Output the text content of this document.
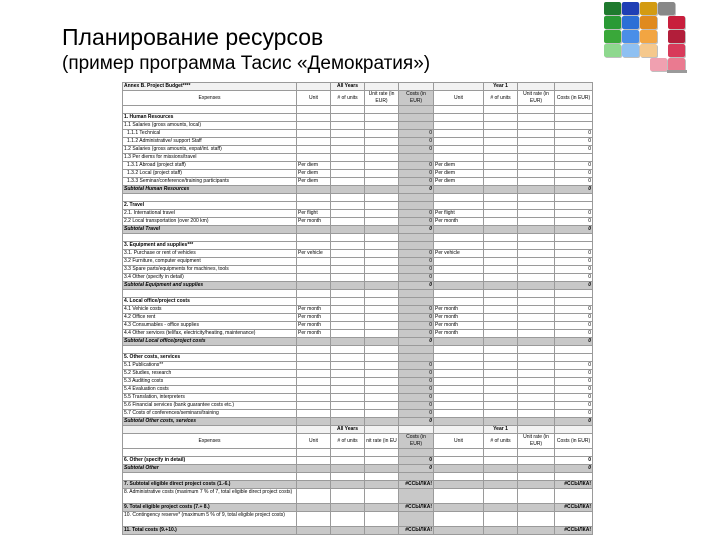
Планирование ресурсов
(пример программа Тасис «Демократия»)
Annex B. Project Budget****		All Years				Year 1		
Expenses	Unit	# of units	Unit rate (in EUR)	Costs (in EUR)	Unit	# of units	Unit rate (in EUR)	Costs (in EUR)

1. Human Resources								
1.1 Salaries (gross amounts, local)								
1.1.1 Technical				0				0
1.1.2 Administrative/ support Staff				0				0
1.2 Salaries (gross amounts, expat/int. staff)				0				0
1.3 Per diems for missions/travel								
1.3.1 Abroad (project staff)	Per diem			0	Per diem			0
1.3.2 Local (project staff)	Per diem			0	Per diem			0
1.3.3 Seminar/conference/training participants	Per diem			0	Per diem			0
Subtotal Human Resources				0				0

2. Travel								
2.1. International travel	Per flight			0	Per flight			0
2.2 Local transportation (over 200 km)	Per month			0	Per month			0
Subtotal Travel				0				0

3. Equipment and supplies***								
3.1. Purchase or rent of vehicles	Per vehicle			0	Per vehicle			0
3.2 Furniture, computer equipment				0				0
3.3 Spare parts/equipments for machines, tools				0				0
3.4 Other (specify in detail)				0				0
Subtotal Equipment and supplies				0				0

4. Local office/project costs								
4.1 Vehicle costs	Per month			0	Per month			0
4.2 Office rent	Per month			0	Per month			0
4.3 Consumables - office supplies	Per month			0	Per month			0
4.4 Other services (tel/fax, electricity/heating, maintenance)	Per month			0	Per month			0
Subtotal Local office/project costs				0				0

5. Other costs, services								
5.1 Publications**				0				0
5.2 Studies, research				0				0
5.3 Auditing costs				0				0
5.4 Evaluation costs				0				0
5.5 Translation, interpreters				0				0
5.6 Financial services (bank guarantee costs etc.)				0				0
5.7 Costs of conferences/seminars/training				0				0
Subtotal Other costs, services				0				0
		All Years				Year 1		
Expenses	Unit	# of units	nit rate (in EU	Costs (in EUR)	Unit	# of units	Unit rate (in EUR)	Costs (in EUR)

6. Other (specify in detail)				0				0
Subtotal Other				0				0

7. Subtotal eligible direct project costs (1.-6.)				#ССЫЛКА!				#ССЫЛКА!
8. Administrative costs (maximum 7 % of 7, total eligible direct project costs)								
9. Total eligible project costs (7.+ 8.)				#ССЫЛКА!				#ССЫЛКА!
10. Contingency reserve* (maximum 5 % of 9, total eligible project costs)								
11. Total costs (9.+10.)				#ССЫЛКА!				#ССЫЛКА!
